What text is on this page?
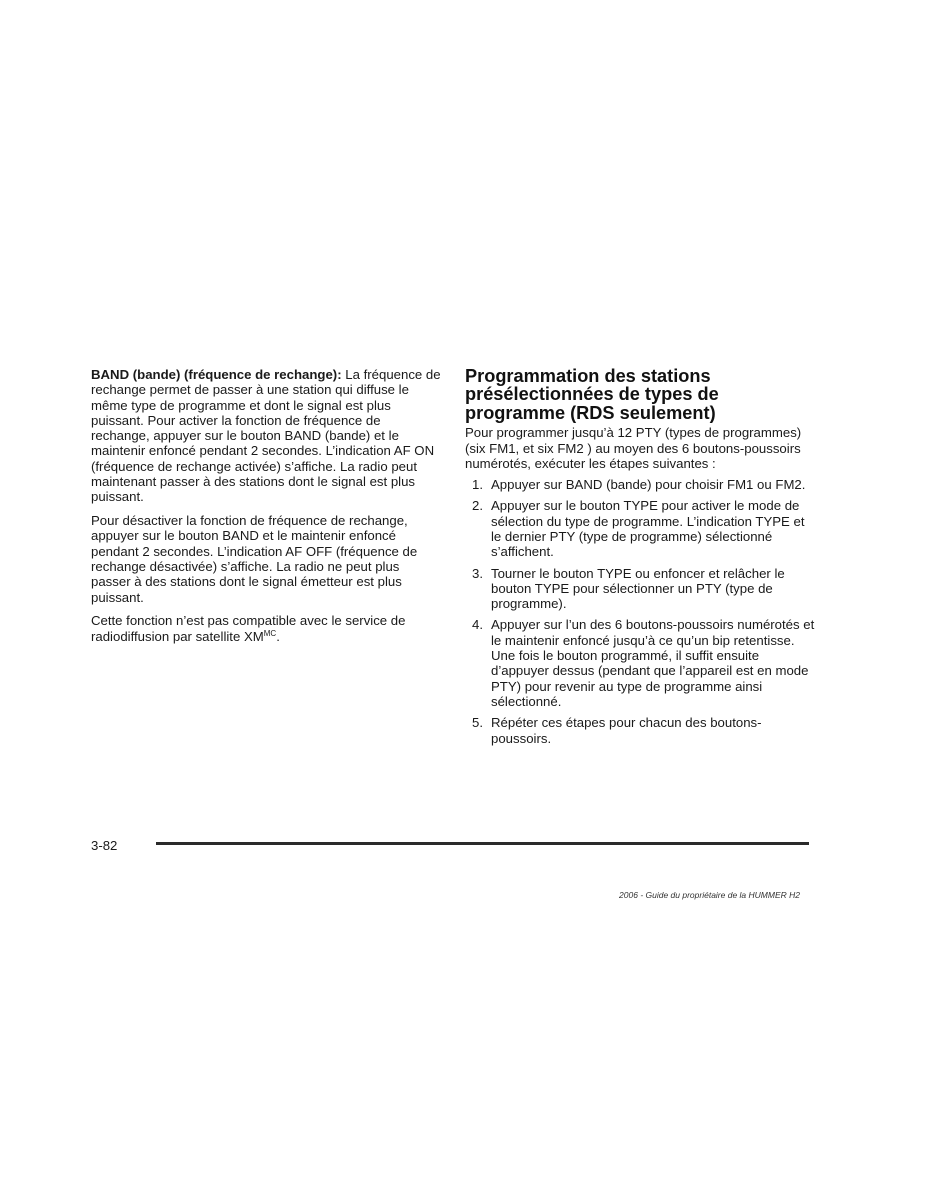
BAND (bande) (fréquence de rechange): La fréquence de rechange permet de passer à une station qui diffuse le même type de programme et dont le signal est plus puissant. Pour activer la fonction de fréquence de rechange, appuyer sur le bouton BAND (bande) et le maintenir enfoncé pendant 2 secondes. L’indication AF ON (fréquence de rechange activée) s’affiche. La radio peut maintenant passer à des stations dont le signal est plus puissant.

Pour désactiver la fonction de fréquence de rechange, appuyer sur le bouton BAND et le maintenir enfoncé pendant 2 secondes. L’indication AF OFF (fréquence de rechange désactivée) s’affiche. La radio ne peut plus passer à des stations dont le signal émetteur est plus puissant.

Cette fonction n’est pas compatible avec le service de radiodiffusion par satellite $XM^{MC}$.

Programmation des stations
présélectionnées de types de
programme (RDS seulement)

Pour programmer jusqu’à 12 PTY (types de programmes) (six FM1, et six FM2 ) au moyen des 6 boutons-poussoirs numérotés, exécuter les étapes suivantes :

1. Appuyer sur BAND (bande) pour choisir FM1 ou FM2.
2. Appuyer sur le bouton TYPE pour activer le mode de sélection du type de programme. L’indication TYPE et le dernier PTY (type de programme) sélectionné s’affichent.
3. Tourner le bouton TYPE ou enfoncer et relâcher le bouton TYPE pour sélectionner un PTY (type de programme).
4. Appuyer sur l’un des 6 boutons-poussoirs numérotés et le maintenir enfoncé jusqu’à ce qu’un bip retentisse. Une fois le bouton programmé, il suffit ensuite d’appuyer dessus (pendant que l’appareil est en mode PTY) pour revenir au type de programme ainsi sélectionné.
5. Répéter ces étapes pour chacun des boutons-poussoirs.
3-82
2006 - Guide du propriétaire de la HUMMER H2
